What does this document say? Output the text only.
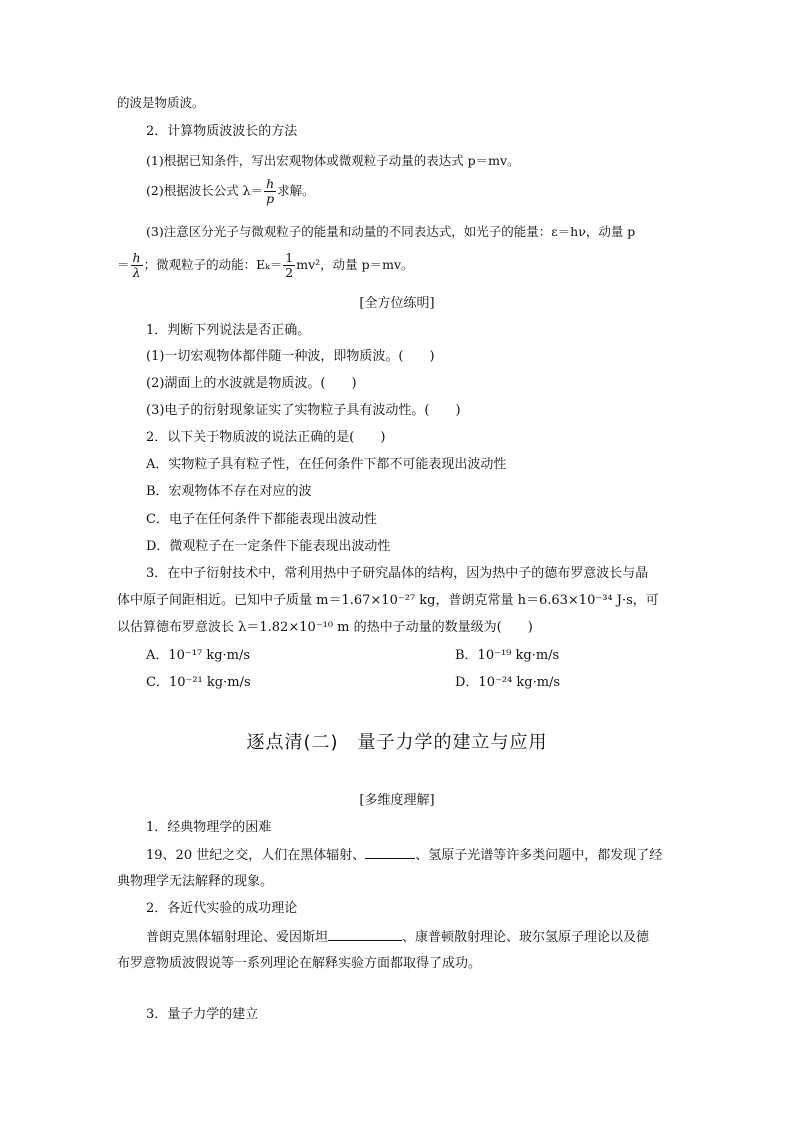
的波是物质波。
2．计算物质波波长的方法
(1)根据已知条件，写出宏观物体或微观粒子动量的表达式 p＝mv。
(2)根据波长公式 $\lambda= \frac{h}{p}$ 求解。
(3)注意区分光子与微观粒子的能量和动量的不同表达式，如光子的能量：ε＝hν，动量 p
＝ $\frac{h}{\lambda}$ ；微观粒子的动能：$E_k= \frac{1}{2} mv^2$，动量 p＝mv。
[全方位练明]
1．判断下列说法是否正确。
(1)一切宏观物体都伴随一种波，即物质波。(　　)
(2)湖面上的水波就是物质波。(　　)
(3)电子的衍射现象证实了实物粒子具有波动性。(　　)
2．以下关于物质波的说法正确的是(　　)
A．实物粒子具有粒子性，在任何条件下都不可能表现出波动性
B．宏观物体不存在对应的波
C．电子在任何条件下都能表现出波动性
D．微观粒子在一定条件下能表现出波动性
3．在中子衍射技术中，常利用热中子研究晶体的结构，因为热中子的德布罗意波长与晶
体中原子间距相近。已知中子质量 m＝1.67×10⁻²⁷ kg，普朗克常量 h＝6.63×10⁻³⁴ J·s，可
以估算德布罗意波长 λ＝1.82×10⁻¹⁰ m 的热中子动量的数量级为(　　)
A．10⁻¹⁷ kg·m/s	B．10⁻¹⁹ kg·m/s
C．10⁻²¹ kg·m/s	D．10⁻²⁴ kg·m/s
逐点清(二)　量子力学的建立与应用
[多维度理解]
1．经典物理学的困难
19、20 世纪之交，人们在黑体辐射、	、氢原子光谱等许多类问题中，都发现了经
典物理学无法解释的现象。
2．各近代实验的成功理论
普朗克黑体辐射理论、爱因斯坦	、康普顿散射理论、玻尔氢原子理论以及德
布罗意物质波假说等一系列理论在解释实验方面都取得了成功。
3．量子力学的建立
